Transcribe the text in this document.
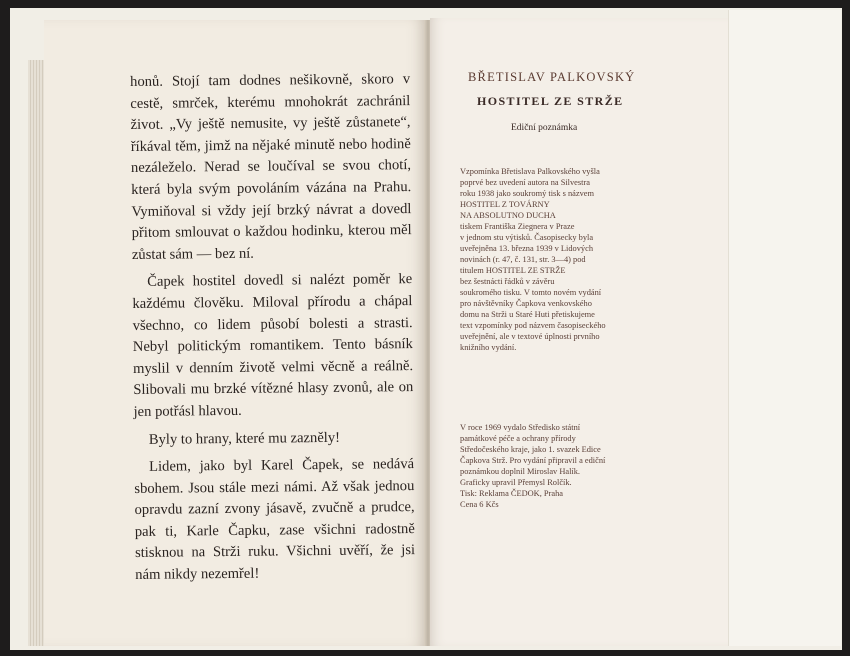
honů. Stojí tam dodnes nešikovně, skoro v cestě, smrček, kterému mnohokrát zachránil život. „Vy ještě nemusite, vy ještě zůstanete“, říkával těm, jimž na nějaké minutě nebo hodině nezáleželo. Nerad se loučíval se svou chotí, která byla svým povoláním vázána na Prahu. Vymiňoval si vždy její brzký návrat a dovedl přitom smlouvat o každou hodinku, kterou měl zůstat sám — bez ní.

Čapek hostitel dovedl si nalézt poměr ke každému člověku. Miloval přírodu a chápal všechno, co lidem působí bolesti a strasti. Nebyl politickým romantikem. Tento básník myslil v denním životě velmi věcně a reálně. Slibovali mu brzké vítězné hlasy zvonů, ale on jen potřásl hlavou.

Byly to hrany, které mu zazněly!

Lidem, jako byl Karel Čapek, se nedává sbohem. Jsou stále mezi námi. Až však jednou opravdu zazní zvony jásavě, zvučně a prudce, pak ti, Karle Čapku, zase všichni radostně stisknou na Strži ruku. Všichni uvěří, že jsi nám nikdy nezemřel!

BŘETISLAV PALKOVSKÝ
HOSTITEL ZE STRŽE
Ediční poznámka
Vzpomínka Břetislava Palkovského vyšla
poprvé bez uvedení autora na Silvestra
roku 1938 jako soukromý tisk s názvem
HOSTITEL Z TOVÁRNY
NA ABSOLUTNO DUCHA
tiskem Františka Ziegnera v Praze
v jednom stu výtisků. Časopisecky byla
uveřejněna 13. března 1939 v Lidových
novinách (r. 47, č. 131, str. 3—4) pod
titulem HOSTITEL ZE STRŽE
bez šestnácti řádků v závěru
soukromého tisku. V tomto novém vydání
pro návštěvníky Čapkova venkovského
domu na Strži u Staré Huti přetiskujeme
text vzpomínky pod názvem časopiseckého
uveřejnění, ale v textové úplnosti prvního
knižního vydání.
V roce 1969 vydalo Středisko státní
památkové péče a ochrany přírody
Středočeského kraje, jako 1. svazek Edice
Čapkova Strž. Pro vydání připravil a ediční
poznámkou doplnil Miroslav Halík.
Graficky upravil Přemysl Rolčík.
Tisk: Reklama ČEDOK, Praha
Cena 6 Kčs
